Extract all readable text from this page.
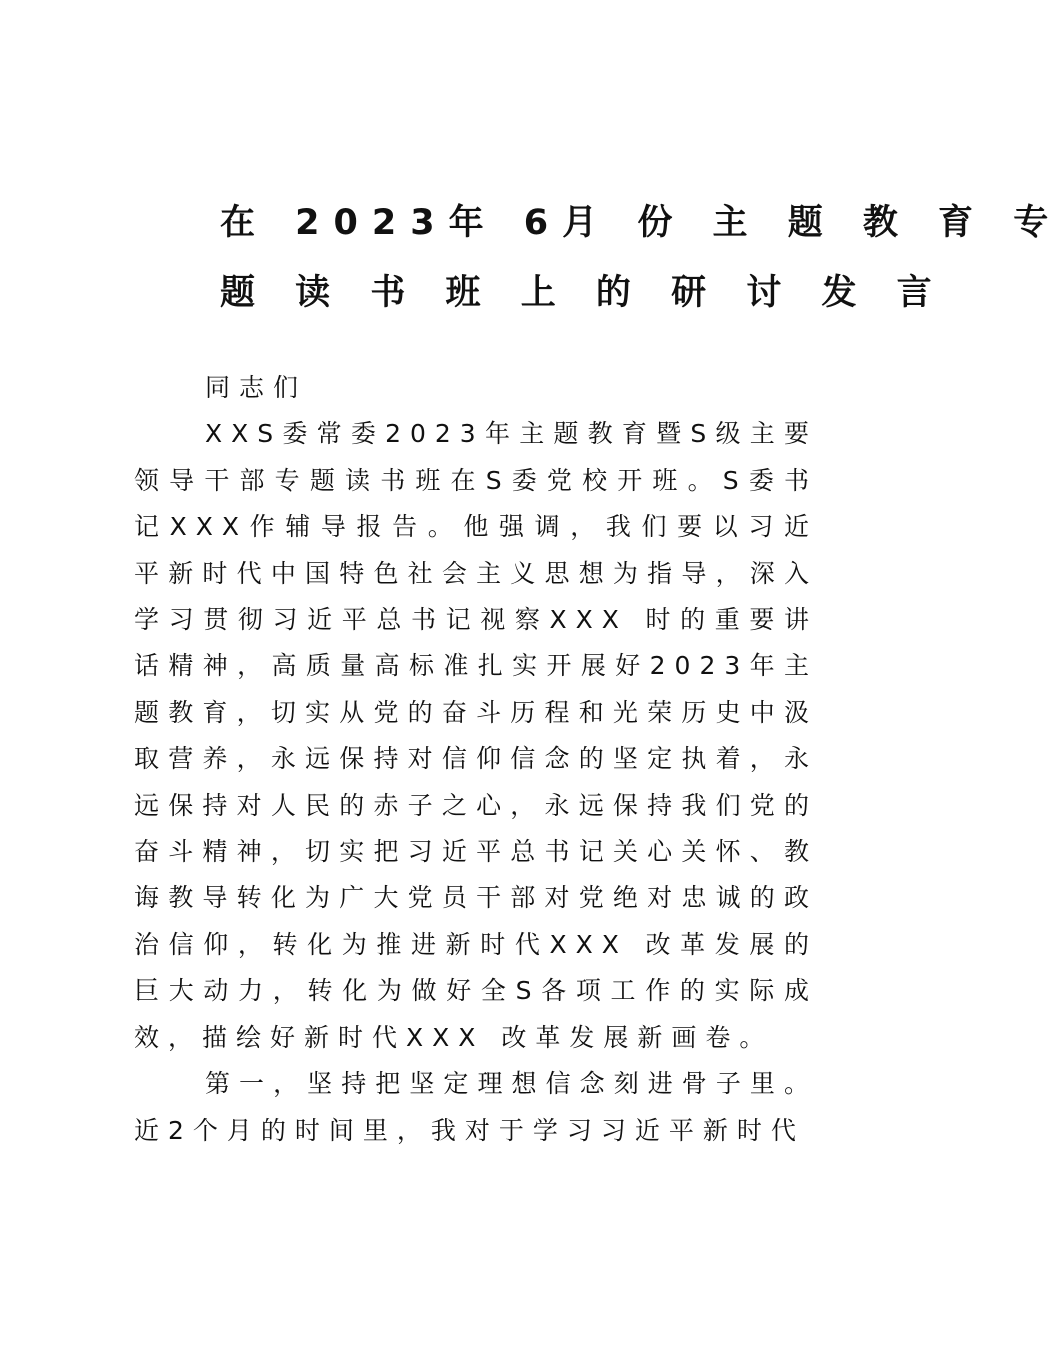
在 2023年 6月 份 主 题 教 育 专
题 读 书 班 上 的 研 讨 发 言

同志们

XXS委常委2023年主题教育暨S级主要领导干部专题读书班在S委党校开班。S委书记XXX作辅导报告。他强调，我们要以习近平新时代中国特色社会主义思想为指导，深入学习贯彻习近平总书记视察XXX 时的重要讲话精神，高质量高标准扎实开展好2023年主题教育，切实从党的奋斗历程和光荣历史中汲取营养，永远保持对信仰信念的坚定执着，永远保持对人民的赤子之心，永远保持我们党的奋斗精神，切实把习近平总书记关心关怀、教诲教导转化为广大党员干部对党绝对忠诚的政治信仰，转化为推进新时代XXX 改革发展的巨大动力，转化为做好全S各项工作的实际成效，描绘好新时代XXX 改革发展新画卷。

第一，坚持把坚定理想信念刻进骨子里。近2个月的时间里，我对于学习习近平新时代
